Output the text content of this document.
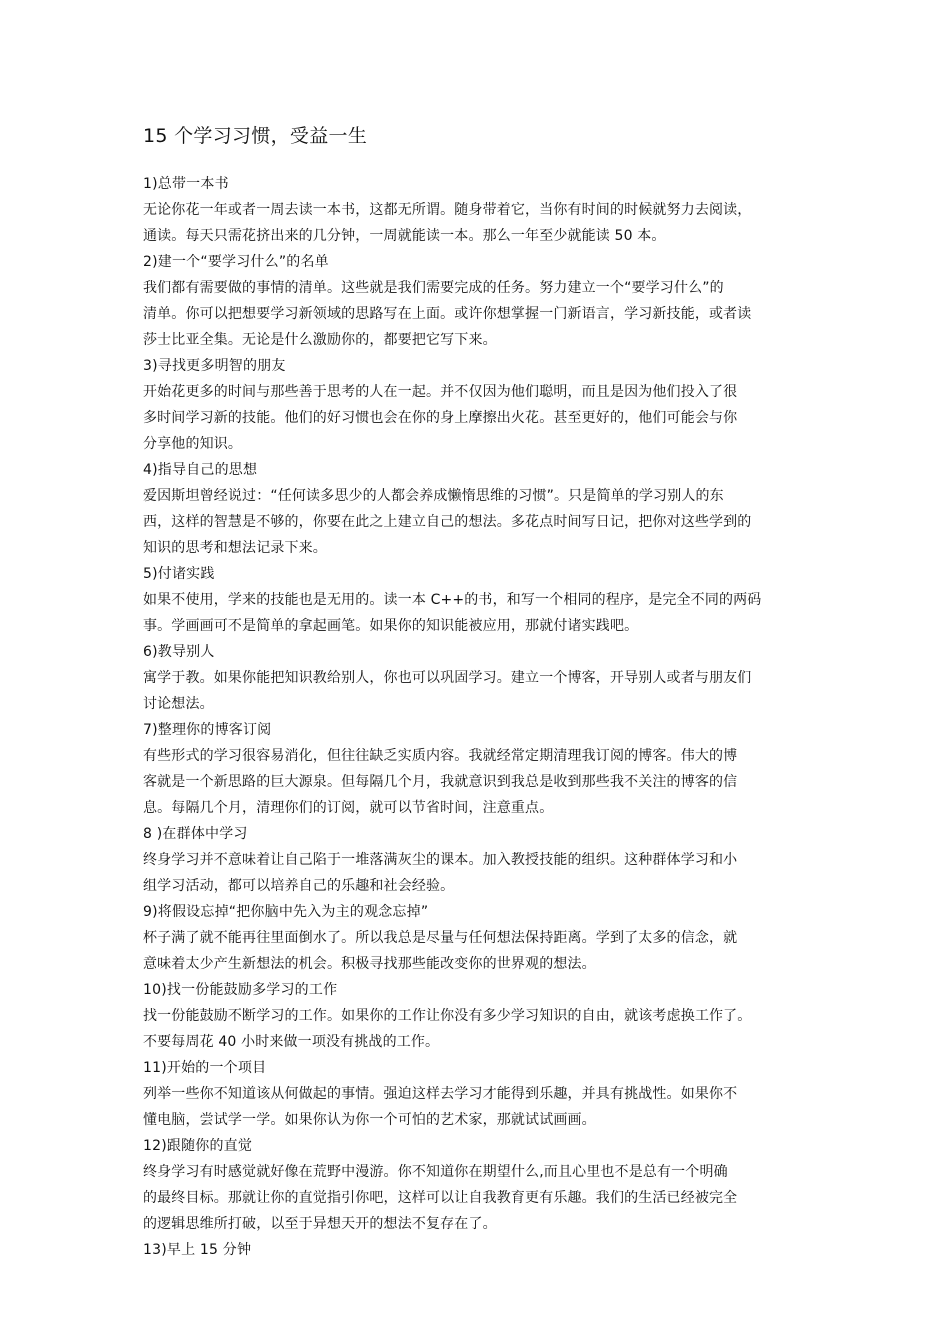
15 个学习习惯，受益一生
1)总带一本书
无论你花一年或者一周去读一本书，这都无所谓。随身带着它，当你有时间的时候就努力去阅读，
通读。每天只需花挤出来的几分钟，一周就能读一本。那么一年至少就能读 50 本。
2)建一个“要学习什么”的名单
我们都有需要做的事情的清单。这些就是我们需要完成的任务。努力建立一个“要学习什么”的
清单。你可以把想要学习新领域的思路写在上面。或许你想掌握一门新语言，学习新技能，或者读
莎士比亚全集。无论是什么激励你的，都要把它写下来。
3)寻找更多明智的朋友
开始花更多的时间与那些善于思考的人在一起。并不仅因为他们聪明，而且是因为他们投入了很
多时间学习新的技能。他们的好习惯也会在你的身上摩擦出火花。甚至更好的，他们可能会与你
分享他的知识。
4)指导自己的思想
爱因斯坦曾经说过：“任何读多思少的人都会养成懒惰思维的习惯”。只是简单的学习别人的东
西，这样的智慧是不够的，你要在此之上建立自己的想法。多花点时间写日记，把你对这些学到的
知识的思考和想法记录下来。
5)付诸实践
如果不使用，学来的技能也是无用的。读一本 C++的书，和写一个相同的程序，是完全不同的两码
事。学画画可不是简单的拿起画笔。如果你的知识能被应用，那就付诸实践吧。
6)教导别人
寓学于教。如果你能把知识教给别人，你也可以巩固学习。建立一个博客，开导别人或者与朋友们
讨论想法。
7)整理你的博客订阅
有些形式的学习很容易消化，但往往缺乏实质内容。我就经常定期清理我订阅的博客。伟大的博
客就是一个新思路的巨大源泉。但每隔几个月，我就意识到我总是收到那些我不关注的博客的信
息。每隔几个月，清理你们的订阅，就可以节省时间，注意重点。
8 )在群体中学习
终身学习并不意味着让自己陷于一堆落满灰尘的课本。加入教授技能的组织。这种群体学习和小
组学习活动，都可以培养自己的乐趣和社会经验。
9)将假设忘掉“把你脑中先入为主的观念忘掉”
杯子满了就不能再往里面倒水了。所以我总是尽量与任何想法保持距离。学到了太多的信念，就
意味着太少产生新想法的机会。积极寻找那些能改变你的世界观的想法。
10)找一份能鼓励多学习的工作
找一份能鼓励不断学习的工作。如果你的工作让你没有多少学习知识的自由，就该考虑换工作了。
不要每周花 40 小时来做一项没有挑战的工作。
11)开始的一个项目
列举一些你不知道该从何做起的事情。强迫这样去学习才能得到乐趣，并具有挑战性。如果你不
懂电脑，尝试学一学。如果你认为你一个可怕的艺术家，那就试试画画。
12)跟随你的直觉
终身学习有时感觉就好像在荒野中漫游。你不知道你在期望什么,而且心里也不是总有一个明确
的最终目标。那就让你的直觉指引你吧，这样可以让自我教育更有乐趣。我们的生活已经被完全
的逻辑思维所打破，以至于异想天开的想法不复存在了。
13)早上 15 分钟
